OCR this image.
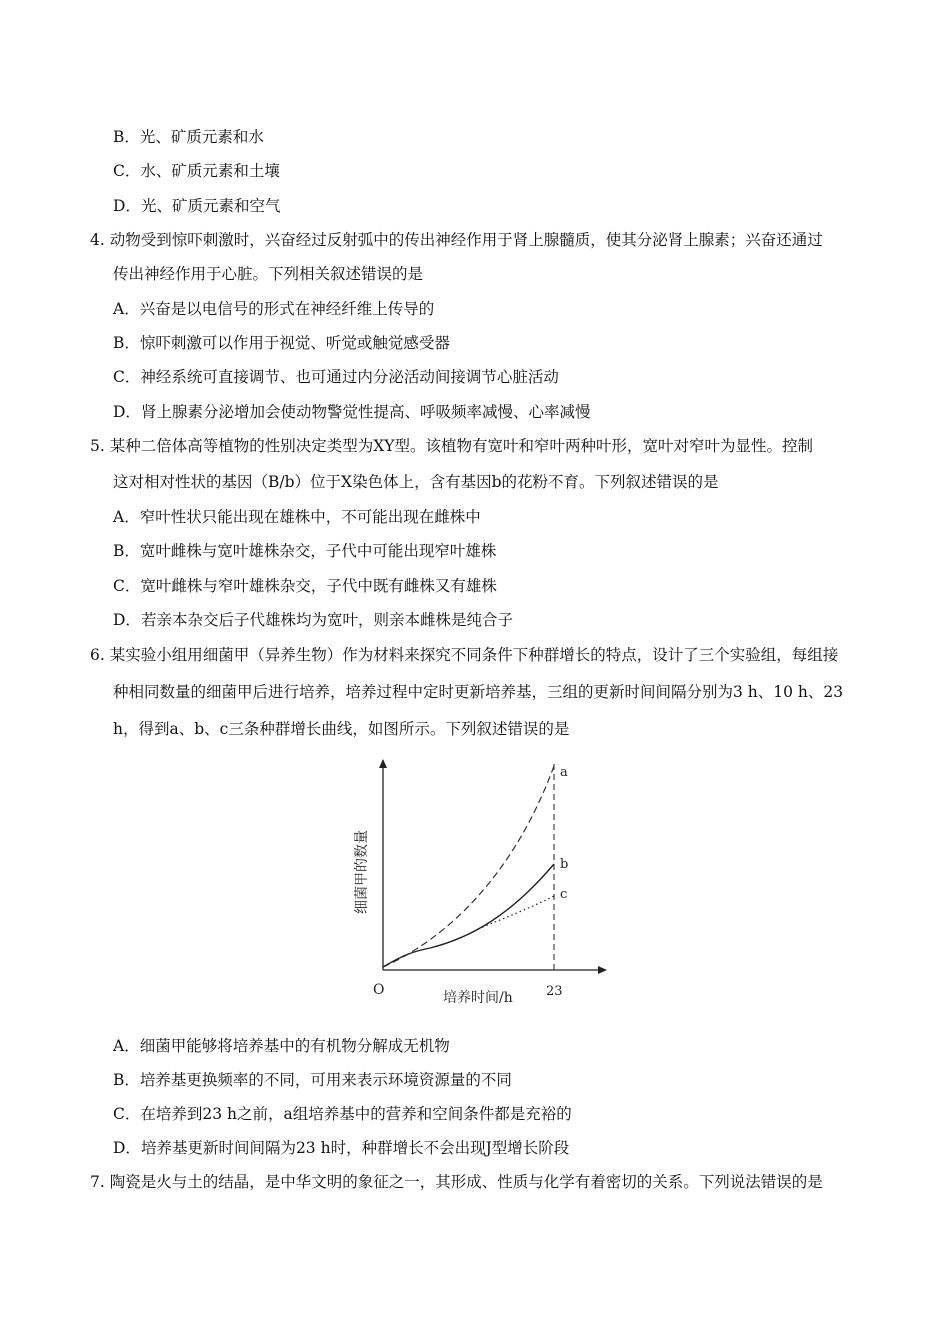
B．光、矿质元素和水
C．水、矿质元素和土壤
D．光、矿质元素和空气
4. 动物受到惊吓刺激时，兴奋经过反射弧中的传出神经作用于肾上腺髓质，使其分泌肾上腺素；兴奋还通过
传出神经作用于心脏。下列相关叙述错误的是
A．兴奋是以电信号的形式在神经纤维上传导的
B．惊吓刺激可以作用于视觉、听觉或触觉感受器
C．神经系统可直接调节、也可通过内分泌活动间接调节心脏活动
D．肾上腺素分泌增加会使动物警觉性提高、呼吸频率减慢、心率减慢
5. 某种二倍体高等植物的性别决定类型为XY型。该植物有宽叶和窄叶两种叶形，宽叶对窄叶为显性。控制
这对相对性状的基因（B/b）位于X染色体上，含有基因b的花粉不育。下列叙述错误的是
A．窄叶性状只能出现在雄株中，不可能出现在雌株中
B．宽叶雌株与宽叶雄株杂交，子代中可能出现窄叶雄株
C．宽叶雌株与窄叶雄株杂交，子代中既有雌株又有雄株
D．若亲本杂交后子代雄株均为宽叶，则亲本雌株是纯合子
6. 某实验小组用细菌甲（异养生物）作为材料来探究不同条件下种群增长的特点，设计了三个实验组，每组接
种相同数量的细菌甲后进行培养，培养过程中定时更新培养基，三组的更新时间间隔分别为3 h、10 h、23
h，得到a、b、c三条种群增长曲线，如图所示。下列叙述错误的是
a
b
c
O	23
培养时间/h
细菌甲的数量
A．细菌甲能够将培养基中的有机物分解成无机物
B．培养基更换频率的不同，可用来表示环境资源量的不同
C．在培养到23 h之前，a组培养基中的营养和空间条件都是充裕的
D．培养基更新时间间隔为23 h时，种群增长不会出现J型增长阶段
7. 陶瓷是火与土的结晶，是中华文明的象征之一，其形成、性质与化学有着密切的关系。下列说法错误的是
